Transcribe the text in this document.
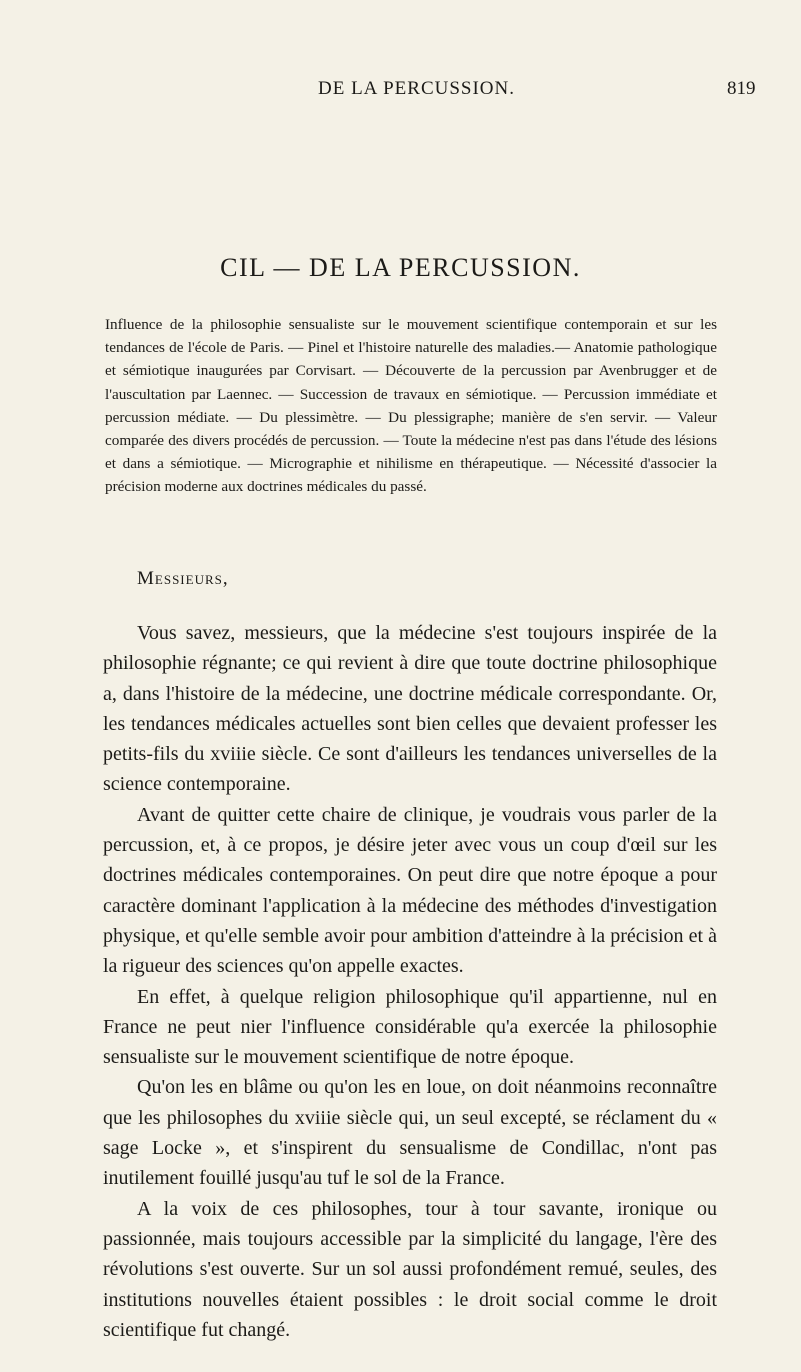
DE LA PERCUSSION.	819
CIL — DE LA PERCUSSION.

Influence de la philosophie sensualiste sur le mouvement scientifique contemporain et sur les tendances de l'école de Paris. — Pinel et l'histoire naturelle des maladies.— Anatomie pathologique et sémiotique inaugurées par Corvisart. — Découverte de la percussion par Avenbrugger et de l'auscultation par Laennec. — Succession de travaux en sémiotique. — Percussion immédiate et percussion médiate. — Du plessimètre. — Du plessigraphe; manière de s'en servir. — Valeur comparée des divers procédés de percussion. — Toute la médecine n'est pas dans l'étude des lésions et dans a sémiotique. — Micrographie et nihilisme en thérapeutique. — Nécessité d'associer la précision moderne aux doctrines médicales du passé.

Messieurs,

Vous savez, messieurs, que la médecine s'est toujours inspirée de la philosophie régnante; ce qui revient à dire que toute doctrine philosophique a, dans l'histoire de la médecine, une doctrine médicale correspondante. Or, les tendances médicales actuelles sont bien celles que devaient professer les petits-fils du xviiie siècle. Ce sont d'ailleurs les tendances universelles de la science contemporaine.

Avant de quitter cette chaire de clinique, je voudrais vous parler de la percussion, et, à ce propos, je désire jeter avec vous un coup d'œil sur les doctrines médicales contemporaines. On peut dire que notre époque a pour caractère dominant l'application à la médecine des méthodes d'investigation physique, et qu'elle semble avoir pour ambition d'atteindre à la précision et à la rigueur des sciences qu'on appelle exactes.

En effet, à quelque religion philosophique qu'il appartienne, nul en France ne peut nier l'influence considérable qu'a exercée la philosophie sensualiste sur le mouvement scientifique de notre époque.

Qu'on les en blâme ou qu'on les en loue, on doit néanmoins reconnaître que les philosophes du xviiie siècle qui, un seul excepté, se réclament du « sage Locke », et s'inspirent du sensualisme de Condillac, n'ont pas inutilement fouillé jusqu'au tuf le sol de la France.

A la voix de ces philosophes, tour à tour savante, ironique ou passionnée, mais toujours accessible par la simplicité du langage, l'ère des révolutions s'est ouverte. Sur un sol aussi profondément remué, seules, des institutions nouvelles étaient possibles : le droit social comme le droit scientifique fut changé.
